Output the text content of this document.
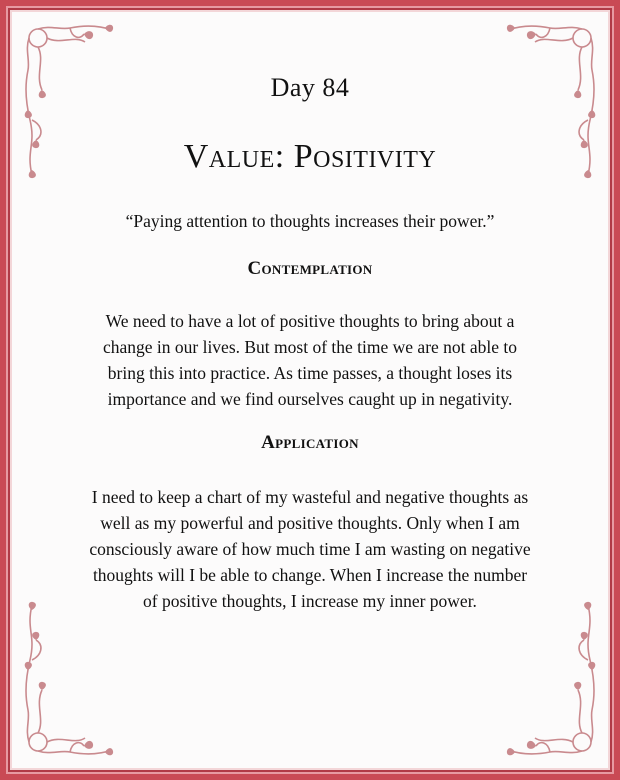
Day 84
Value: Positivity
“Paying attention to thoughts increases their power.”
Contemplation
We need to have a lot of positive thoughts to bring about a
change in our lives. But most of the time we are not able to
bring this into practice. As time passes, a thought loses its
importance and we find ourselves caught up in negativity.
Application
I need to keep a chart of my wasteful and negative thoughts as
well as my powerful and positive thoughts. Only when I am
consciously aware of how much time I am wasting on negative
thoughts will I be able to change. When I increase the number
of positive thoughts, I increase my inner power.
